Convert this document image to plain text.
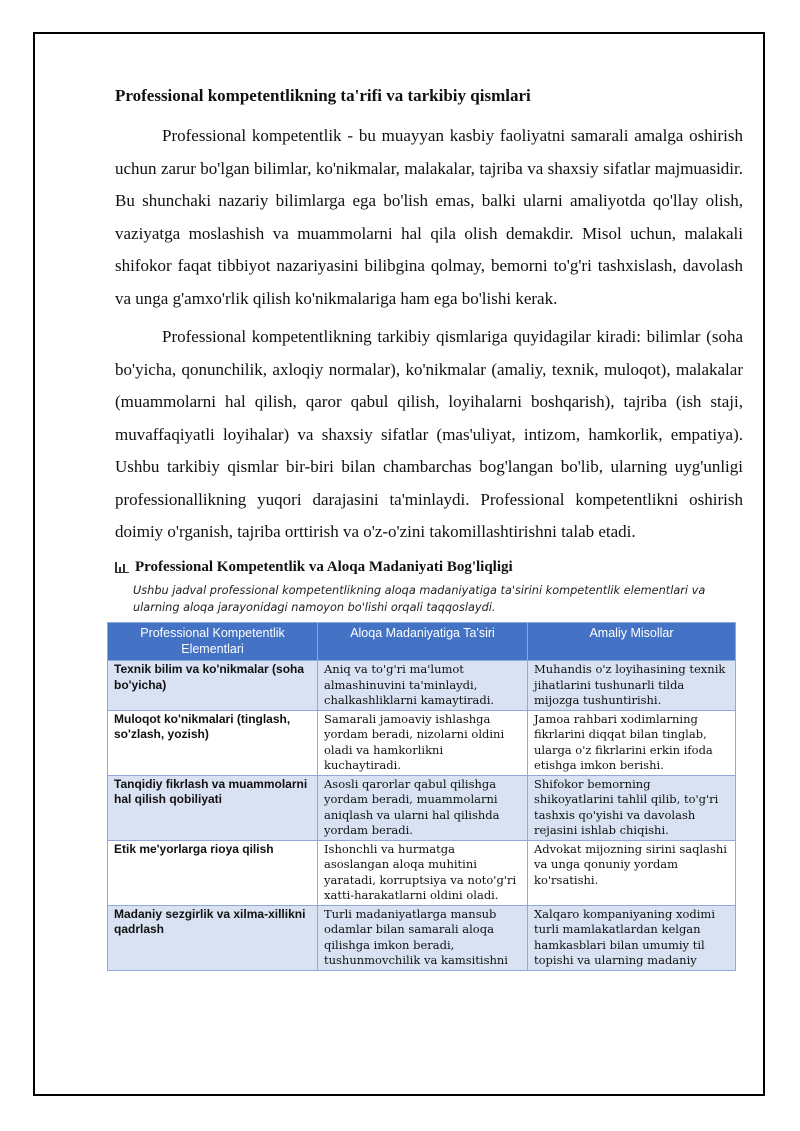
Professional kompetentlikning ta'rifi va tarkibiy qismlari

Professional kompetentlik - bu muayyan kasbiy faoliyatni samarali amalga oshirish uchun zarur bo'lgan bilimlar, ko'nikmalar, malakalar, tajriba va shaxsiy sifatlar majmuasidir. Bu shunchaki nazariy bilimlarga ega bo'lish emas, balki ularni amaliyotda qo'llay olish, vaziyatga moslashish va muammolarni hal qila olish demakdir. Misol uchun, malakali shifokor faqat tibbiyot nazariyasini bilibgina qolmay, bemorni to'g'ri tashxislash, davolash va unga g'amxo'rlik qilish ko'nikmalariga ham ega bo'lishi kerak.

Professional kompetentlikning tarkibiy qismlariga quyidagilar kiradi: bilimlar (soha bo'yicha, qonunchilik, axloqiy normalar), ko'nikmalar (amaliy, texnik, muloqot), malakalar (muammolarni hal qilish, qaror qabul qilish, loyihalarni boshqarish), tajriba (ish staji, muvaffaqiyatli loyihalar) va shaxsiy sifatlar (mas'uliyat, intizom, hamkorlik, empatiya). Ushbu tarkibiy qismlar bir-biri bilan chambarchas bog'langan bo'lib, ularning uyg'unligi professionallikning yuqori darajasini ta'minlaydi. Professional kompetentlikni oshirish doimiy o'rganish, tajriba orttirish va o'z-o'zini takomillashtirishni talab etadi.

Professional Kompetentlik va Aloqa Madaniyati Bog'liqligi
Ushbu jadval professional kompetentlikning aloqa madaniyatiga ta'sirini kompetentlik elementlari va ularning aloqa jarayonidagi namoyon bo'lishi orqali taqqoslaydi.
Professional Kompetentlik Elementlari	Aloqa Madaniyatiga Ta'siri	Amaliy Misollar
Texnik bilim va ko'nikmalar (soha bo'yicha)	Aniq va to'g'ri ma'lumot almashinuvini ta'minlaydi, chalkashliklarni kamaytiradi.	Muhandis o'z loyihasining texnik jihatlarini tushunarli tilda mijozga tushuntirishi.
Muloqot ko'nikmalari (tinglash, so'zlash, yozish)	Samarali jamoaviy ishlashga yordam beradi, nizolarni oldini oladi va hamkorlikni kuchaytiradi.	Jamoa rahbari xodimlarning fikrlarini diqqat bilan tinglab, ularga o'z fikrlarini erkin ifoda etishga imkon berishi.
Tanqidiy fikrlash va muammolarni hal qilish qobiliyati	Asosli qarorlar qabul qilishga yordam beradi, muammolarni aniqlash va ularni hal qilishda yordam beradi.	Shifokor bemorning shikoyatlarini tahlil qilib, to'g'ri tashxis qo'yishi va davolash rejasini ishlab chiqishi.
Etik me'yorlarga rioya qilish	Ishonchli va hurmatga asoslangan aloqa muhitini yaratadi, korruptsiya va noto'g'ri xatti-harakatlarni oldini oladi.	Advokat mijozning sirini saqlashi va unga qonuniy yordam ko'rsatishi.
Madaniy sezgirlik va xilma-xillikni qadrlash	Turli madaniyatlarga mansub odamlar bilan samarali aloqa qilishga imkon beradi, tushunmovchilik va kamsitishni	Xalqaro kompaniyaning xodimi turli mamlakatlardan kelgan hamkasblari bilan umumiy til topishi va ularning madaniy
